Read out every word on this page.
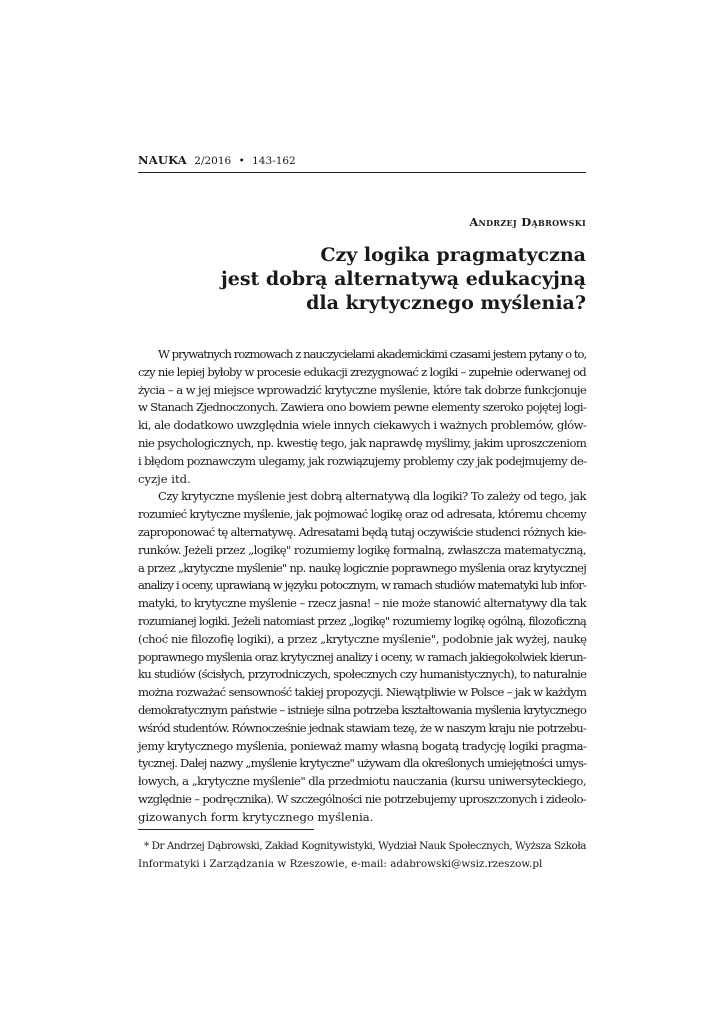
NAUKA 2/2016 • 143-162
Andrzej Dąbrowski
Czy logika pragmatyczna
jest dobrą alternatywą edukacyjną
dla krytycznego myślenia?
W prywatnych rozmowach z nauczycielami akademickimi czasami jestem pytany o to,
czy nie lepiej byłoby w procesie edukacji zrezygnować z logiki – zupełnie oderwanej od
życia – a w jej miejsce wprowadzić krytyczne myślenie, które tak dobrze funkcjonuje
w Stanach Zjednoczonych. Zawiera ono bowiem pewne elementy szeroko pojętej logi-
ki, ale dodatkowo uwzględnia wiele innych ciekawych i ważnych problemów, głów-
nie psychologicznych, np. kwestię tego, jak naprawdę myślimy, jakim uproszczeniom
i błędom poznawczym ulegamy, jak rozwiązujemy problemy czy jak podejmujemy de-
cyzje itd.
Czy krytyczne myślenie jest dobrą alternatywą dla logiki? To zależy od tego, jak
rozumieć krytyczne myślenie, jak pojmować logikę oraz od adresata, któremu chcemy
zaproponować tę alternatywę. Adresatami będą tutaj oczywiście studenci różnych kie-
runków. Jeżeli przez „logikę" rozumiemy logikę formalną, zwłaszcza matematyczną,
a przez „krytyczne myślenie" np. naukę logicznie poprawnego myślenia oraz krytycznej
analizy i oceny, uprawianą w języku potocznym, w ramach studiów matematyki lub infor-
matyki, to krytyczne myślenie – rzecz jasna! – nie może stanowić alternatywy dla tak
rozumianej logiki. Jeżeli natomiast przez „logikę" rozumiemy logikę ogólną, filozoficzną
(choć nie filozofię logiki), a przez „krytyczne myślenie", podobnie jak wyżej, naukę
poprawnego myślenia oraz krytycznej analizy i oceny, w ramach jakiegokolwiek kierun-
ku studiów (ścisłych, przyrodniczych, społecznych czy humanistycznych), to naturalnie
można rozważać sensowność takiej propozycji. Niewątpliwie w Polsce – jak w każdym
demokratycznym państwie – istnieje silna potrzeba kształtowania myślenia krytycznego
wśród studentów. Równocześnie jednak stawiam tezę, że w naszym kraju nie potrzebu-
jemy krytycznego myślenia, ponieważ mamy własną bogatą tradycję logiki pragma-
tycznej. Dalej nazwy „myślenie krytyczne" używam dla określonych umiejętności umys-
łowych, a „krytyczne myślenie" dla przedmiotu nauczania (kursu uniwersyteckiego,
względnie – podręcznika). W szczególności nie potrzebujemy uproszczonych i zideolo-
gizowanych form krytycznego myślenia.
* Dr Andrzej Dąbrowski, Zakład Kognitywistyki, Wydział Nauk Społecznych, Wyższa Szkoła
Informatyki i Zarządzania w Rzeszowie, e-mail: adabrowski@wsiz.rzeszow.pl
